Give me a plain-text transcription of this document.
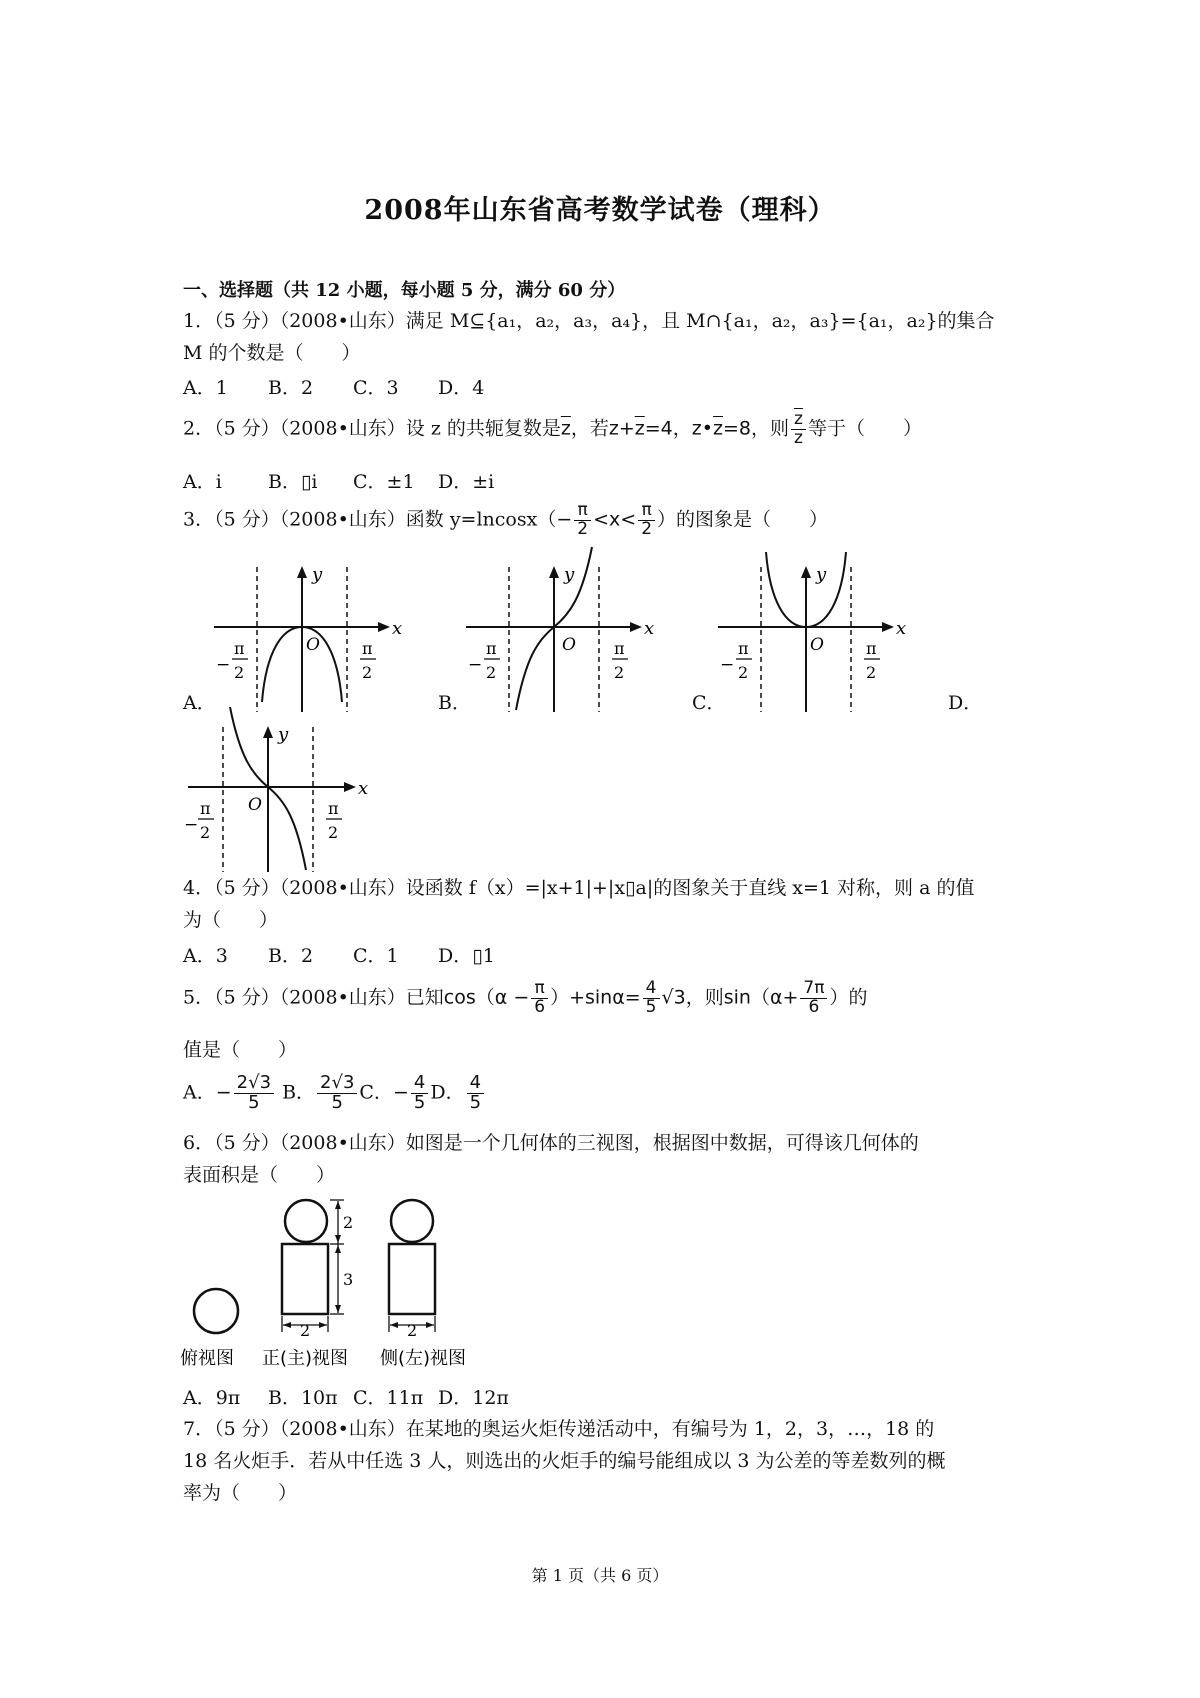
2008年山东省高考数学试卷（理科）
一、选择题（共 12 小题，每小题 5 分，满分 60 分）
1．（5 分）（2008•山东）满足 M⊆{a₁，a₂，a₃，a₄}，且 M∩{a₁，a₂，a₃}={a₁，a₂}的集合
M 的个数是（　　）
A．1 B．2 C．3 D．4
2．（5 分）（2008•山东）设 z 的共轭复数是$\overline{z}$，若$z+\overline{z}=4$，$z•\overline{z}=8$，则 $\frac{\overline{z}}{z}$ 等于（　　）
A．i B．▯i C．±1 D．±i
3．（5 分）（2008•山东）函数 $y=lncosx(- \frac{\pi}{2} <x< \frac{\pi}{2}$ ）的图象是（　　）
y
x
O
−
π
2
π
2
A．
y
x
O
−
π
2
π
2
B．
y
x
O
−
π
2
π
2
C．	D．
y
x
O
−
π
2
π
2
4．（5 分）（2008•山东）设函数 f（x）=|x+1|+|x▯a|的图象关于直线 x=1 对称，则 a 的值
为（　　）
A．3 B．2 C．1 D．▯1
5．（5 分）（2008•山东）已知$\cos(\alpha - \frac{\pi}{6} )+\sin\alpha= \frac{4}{5} √3$，则$\sin(\alpha+ \frac{7\pi}{6}$ ）的
值是（　　）
A．− $\frac{2√3}{5}$ B． $\frac{2√3}{5}$ C．− $\frac{4}{5}$ D． $\frac{4}{5}$
6．（5 分）（2008•山东）如图是一个几何体的三视图，根据图中数据，可得该几何体的
表面积是（　　）
2
3
2	2
俯视图 正(主)视图 侧(左)视图
A．9π B．10π C．11π D．12π
7．（5 分）（2008•山东）在某地的奥运火炬传递活动中，有编号为 1，2，3，…，18 的
18 名火炬手．若从中任选 3 人，则选出的火炬手的编号能组成以 3 为公差的等差数列的概
率为（　　）
第 1 页（共 6 页）
